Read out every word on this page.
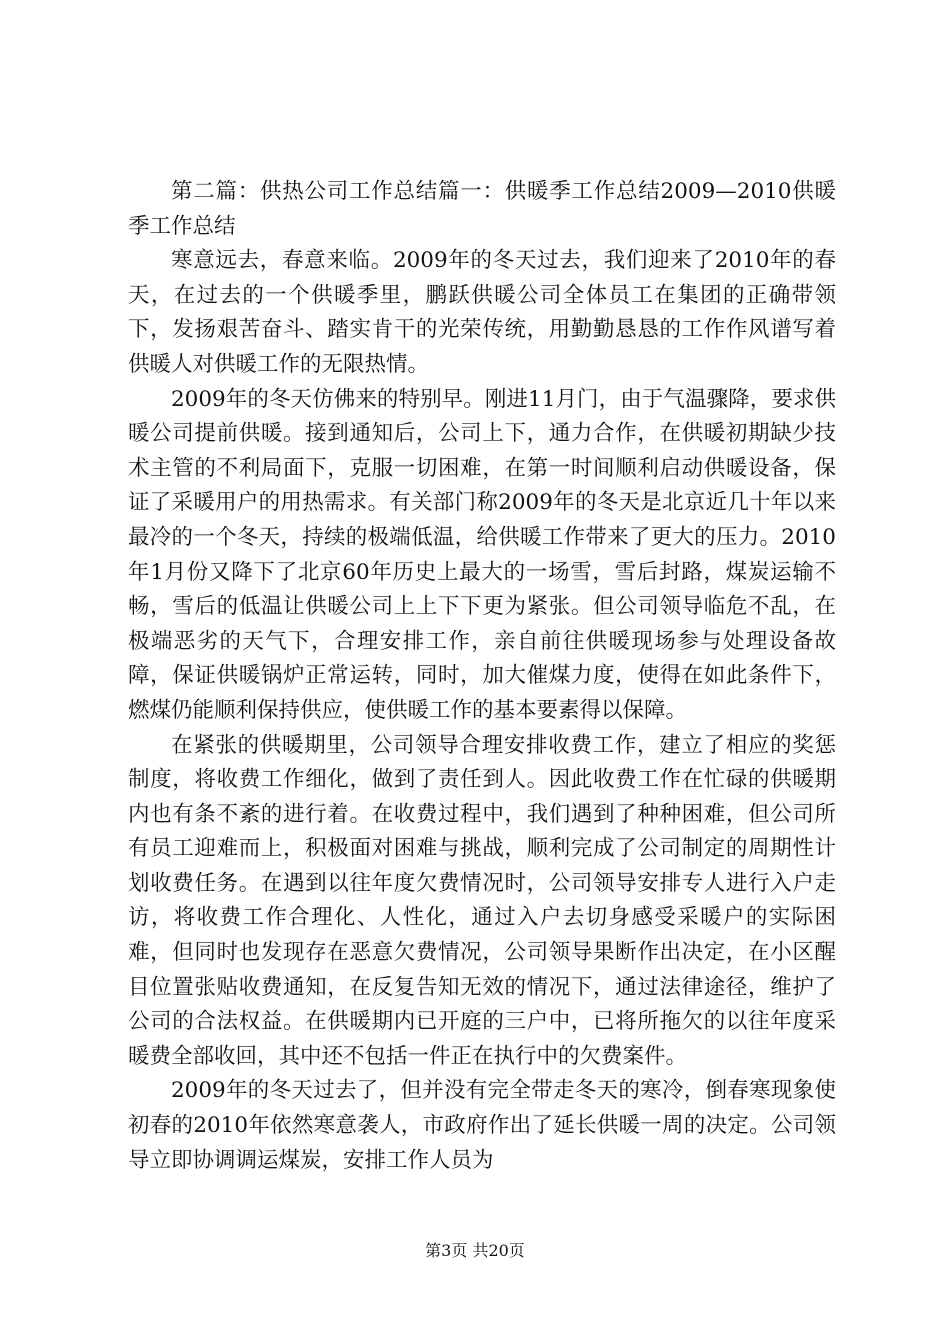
第二篇：供热公司工作总结篇一：供暖季工作总结2009—2010供暖季工作总结

寒意远去，春意来临。2009年的冬天过去，我们迎来了2010年的春天，在过去的一个供暖季里，鹏跃供暖公司全体员工在集团的正确带领下，发扬艰苦奋斗、踏实肯干的光荣传统，用勤勤恳恳的工作作风谱写着供暖人对供暖工作的无限热情。

2009年的冬天仿佛来的特别早。刚进11月门，由于气温骤降，要求供暖公司提前供暖。接到通知后，公司上下，通力合作，在供暖初期缺少技术主管的不利局面下，克服一切困难，在第一时间顺利启动供暖设备，保证了采暖用户的用热需求。有关部门称2009年的冬天是北京近几十年以来最冷的一个冬天，持续的极端低温，给供暖工作带来了更大的压力。2010年1月份又降下了北京60年历史上最大的一场雪，雪后封路，煤炭运输不畅，雪后的低温让供暖公司上上下下更为紧张。但公司领导临危不乱，在极端恶劣的天气下，合理安排工作，亲自前往供暖现场参与处理设备故障，保证供暖锅炉正常运转，同时，加大催煤力度，使得在如此条件下，燃煤仍能顺利保持供应，使供暖工作的基本要素得以保障。

在紧张的供暖期里，公司领导合理安排收费工作，建立了相应的奖惩制度，将收费工作细化，做到了责任到人。因此收费工作在忙碌的供暖期内也有条不紊的进行着。在收费过程中，我们遇到了种种困难，但公司所有员工迎难而上，积极面对困难与挑战，顺利完成了公司制定的周期性计划收费任务。在遇到以往年度欠费情况时，公司领导安排专人进行入户走访，将收费工作合理化、人性化，通过入户去切身感受采暖户的实际困难，但同时也发现存在恶意欠费情况，公司领导果断作出决定，在小区醒目位置张贴收费通知，在反复告知无效的情况下，通过法律途径，维护了公司的合法权益。在供暖期内已开庭的三户中，已将所拖欠的以往年度采暖费全部收回，其中还不包括一件正在执行中的欠费案件。

2009年的冬天过去了，但并没有完全带走冬天的寒冷，倒春寒现象使初春的2010年依然寒意袭人，市政府作出了延长供暖一周的决定。公司领导立即协调调运煤炭，安排工作人员为

第3页 共20页
